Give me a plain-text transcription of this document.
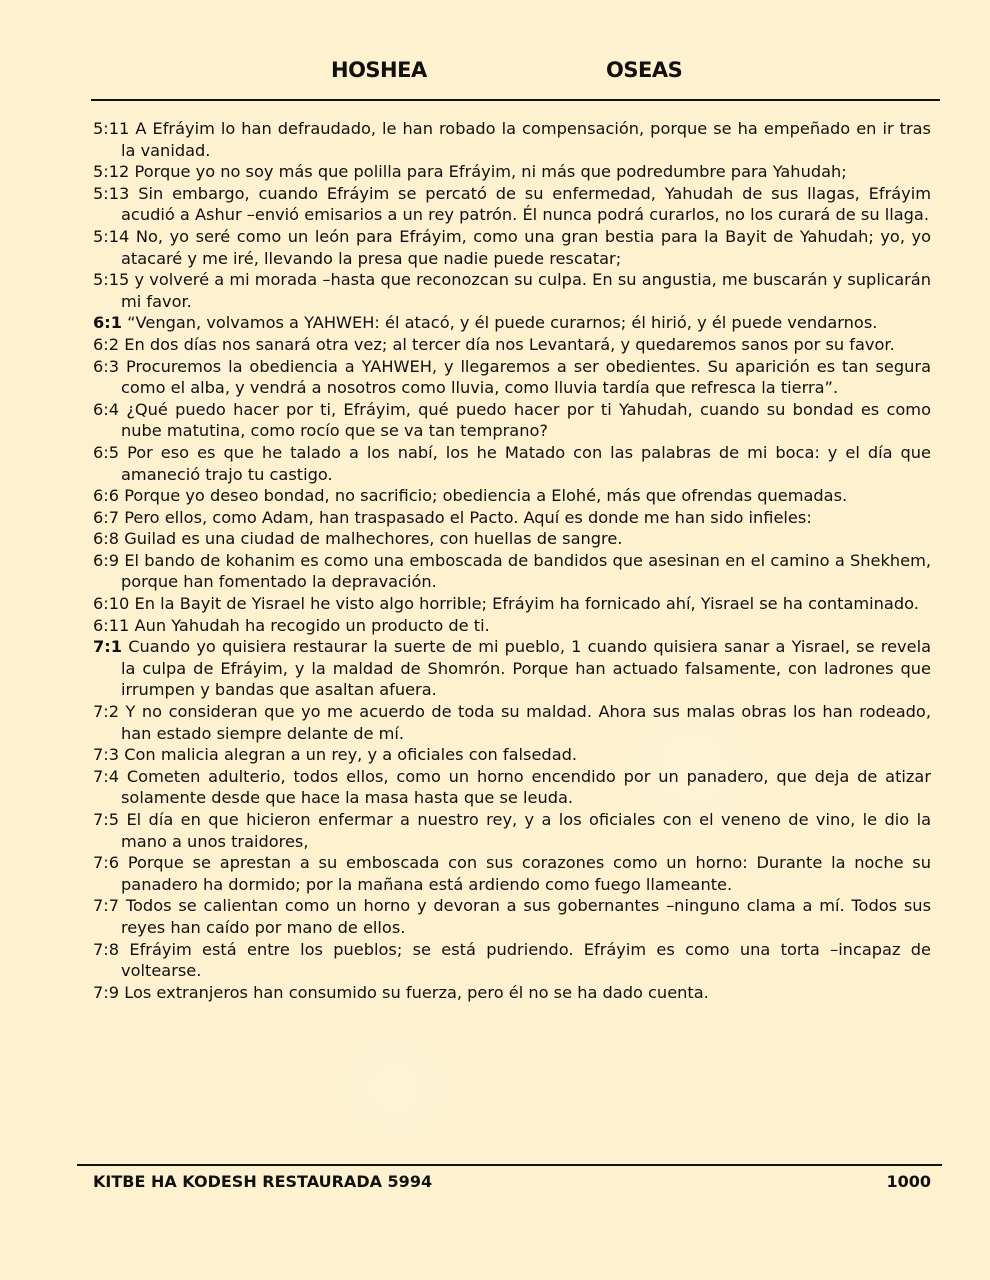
HOSHEA	OSEAS

5:11 A Efráyim lo han defraudado, le han robado la compensación, porque se ha empeñado en ir tras la vanidad.

5:12 Porque yo no soy más que polilla para Efráyim, ni más que podredumbre para Yahudah;

5:13 Sin embargo, cuando Efráyim se percató de su enfermedad, Yahudah de sus llagas, Efráyim acudió a Ashur –envió emisarios a un rey patrón. Él nunca podrá curarlos, no los curará de su llaga.

5:14 No, yo seré como un león para Efráyim, como una gran bestia para la Bayit de Yahudah; yo, yo atacaré y me iré, llevando la presa que nadie puede rescatar;

5:15 y volveré a mi morada –hasta que reconozcan su culpa. En su angustia, me buscarán y suplicarán mi favor.

6:1 “Vengan, volvamos a YAHWEH: él atacó, y él puede curarnos; él hirió, y él puede vendarnos.

6:2 En dos días nos sanará otra vez; al tercer día nos Levantará, y quedaremos sanos por su favor.

6:3 Procuremos la obediencia a YAHWEH, y llegaremos a ser obedientes. Su aparición es tan segura como el alba, y vendrá a nosotros como lluvia, como lluvia tardía que refresca la tierra”.

6:4 ¿Qué puedo hacer por ti, Efráyim, qué puedo hacer por ti Yahudah, cuando su bondad es como nube matutina, como rocío que se va tan temprano?

6:5 Por eso es que he talado a los nabí, los he Matado con las palabras de mi boca: y el día que amaneció trajo tu castigo.

6:6 Porque yo deseo bondad, no sacrificio; obediencia a Elohé, más que ofrendas quemadas.

6:7 Pero ellos, como Adam, han traspasado el Pacto. Aquí es donde me han sido infieles:

6:8 Guilad es una ciudad de malhechores, con huellas de sangre.

6:9 El bando de kohanim es como una emboscada de bandidos que asesinan en el camino a Shekhem, porque han fomentado la depravación.

6:10 En la Bayit de Yisrael he visto algo horrible; Efráyim ha fornicado ahí, Yisrael se ha contaminado.

6:11 Aun Yahudah ha recogido un producto de ti.

7:1 Cuando yo quisiera restaurar la suerte de mi pueblo, 1 cuando quisiera sanar a Yisrael, se revela la culpa de Efráyim, y la maldad de Shomrón. Porque han actuado falsamente, con ladrones que irrumpen y bandas que asaltan afuera.

7:2 Y no consideran que yo me acuerdo de toda su maldad. Ahora sus malas obras los han rodeado, han estado siempre delante de mí.

7:3 Con malicia alegran a un rey, y a oficiales con falsedad.

7:4 Cometen adulterio, todos ellos, como un horno encendido por un panadero, que deja de atizar solamente desde que hace la masa hasta que se leuda.

7:5 El día en que hicieron enfermar a nuestro rey, y a los oficiales con el veneno de vino, le dio la mano a unos traidores,

7:6 Porque se aprestan a su emboscada con sus corazones como un horno: Durante la noche su panadero ha dormido; por la mañana está ardiendo como fuego llameante.

7:7 Todos se calientan como un horno y devoran a sus gobernantes –ninguno clama a mí. Todos sus reyes han caído por mano de ellos.

7:8 Efráyim está entre los pueblos; se está pudriendo. Efráyim es como una torta –incapaz de voltearse.

7:9 Los extranjeros han consumido su fuerza, pero él no se ha dado cuenta.

KITBE HA KODESH RESTAURADA 5994	1000
